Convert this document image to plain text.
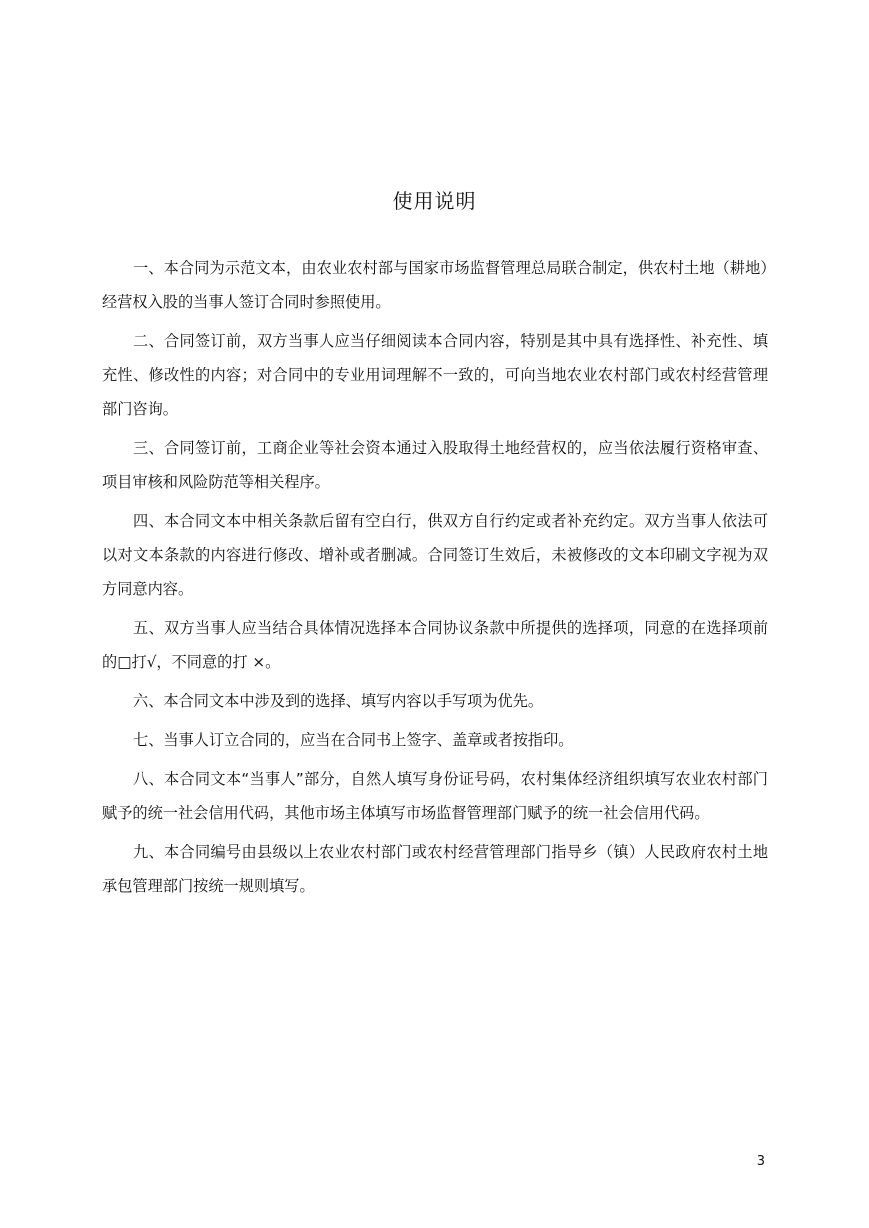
使用说明

一、本合同为示范文本，由农业农村部与国家市场监督管理总局联合制定，供农村土地（耕地）经营权入股的当事人签订合同时参照使用。

二、合同签订前，双方当事人应当仔细阅读本合同内容，特别是其中具有选择性、补充性、填充性、修改性的内容；对合同中的专业用词理解不一致的，可向当地农业农村部门或农村经营管理部门咨询。

三、合同签订前，工商企业等社会资本通过入股取得土地经营权的，应当依法履行资格审查、项目审核和风险防范等相关程序。

四、本合同文本中相关条款后留有空白行，供双方自行约定或者补充约定。双方当事人依法可以对文本条款的内容进行修改、增补或者删减。合同签订生效后，未被修改的文本印刷文字视为双方同意内容。

五、双方当事人应当结合具体情况选择本合同协议条款中所提供的选择项，同意的在选择项前的□打√，不同意的打 ×。

六、本合同文本中涉及到的选择、填写内容以手写项为优先。

七、当事人订立合同的，应当在合同书上签字、盖章或者按指印。

八、本合同文本“当事人”部分，自然人填写身份证号码，农村集体经济组织填写农业农村部门赋予的统一社会信用代码，其他市场主体填写市场监督管理部门赋予的统一社会信用代码。

九、本合同编号由县级以上农业农村部门或农村经营管理部门指导乡（镇）人民政府农村土地承包管理部门按统一规则填写。

3
